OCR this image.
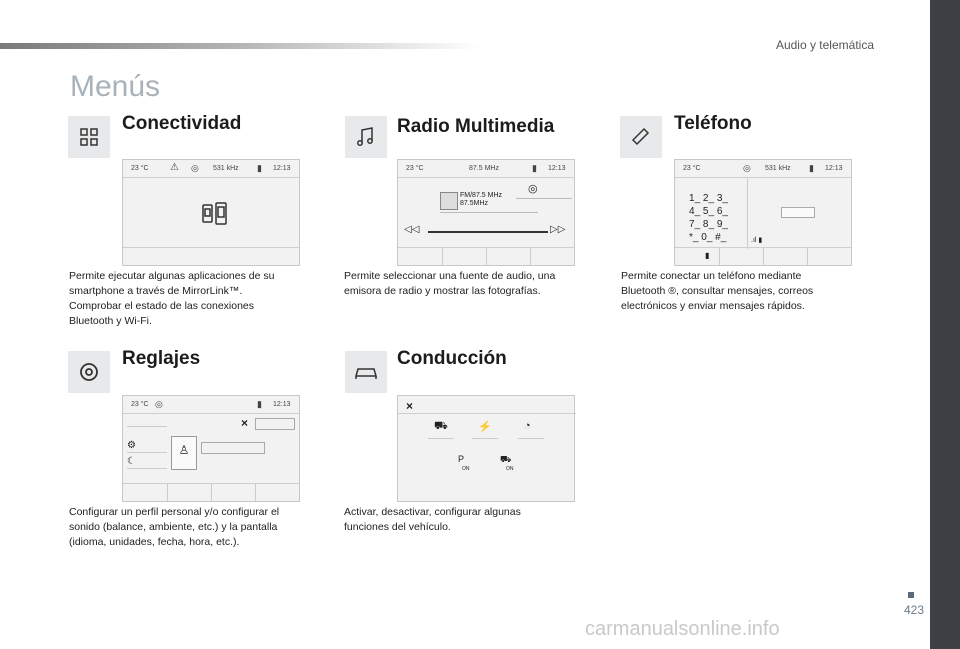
Audio y telemática
Menús
Conectividad
23 °C ⚠ ◎ 531 kHz ▮ 12:13
Permite ejecutar algunas aplicaciones de su
smartphone a través de MirrorLink™.
Comprobar el estado de las conexiones
Bluetooth y Wi-Fi.
Radio Multimedia
23 °C	87.5 MHz	▮ 12:13
◎
FM/87.5 MHz
87.5MHz
◁◁	▷▷
Permite seleccionar una fuente de audio, una
emisora de radio y mostrar las fotografías.
Teléfono
23 °C	◎ 531 kHz ▮ 12:13
1_ 2_ 3_
4_ 5_ 6_
7_ 8_ 9_
*_ 0_ #_	.ıl ▮
▮
Permite conectar un teléfono mediante
Bluetooth ®, consultar mensajes, correos
electrónicos y enviar mensajes rápidos.
Reglajes
23 °C ◎	▮ 12:13
×
⚙
☾
♙
Configurar un perfil personal y/o configurar el
sonido (balance, ambiente, etc.) y la pantalla
(idioma, unidades, fecha, hora, etc.).
Conducción
×
⛟	⚡	◔
P
ON
⛟
ON
Activar, desactivar, configurar algunas
funciones del vehículo.
423
carmanualsonline.info
